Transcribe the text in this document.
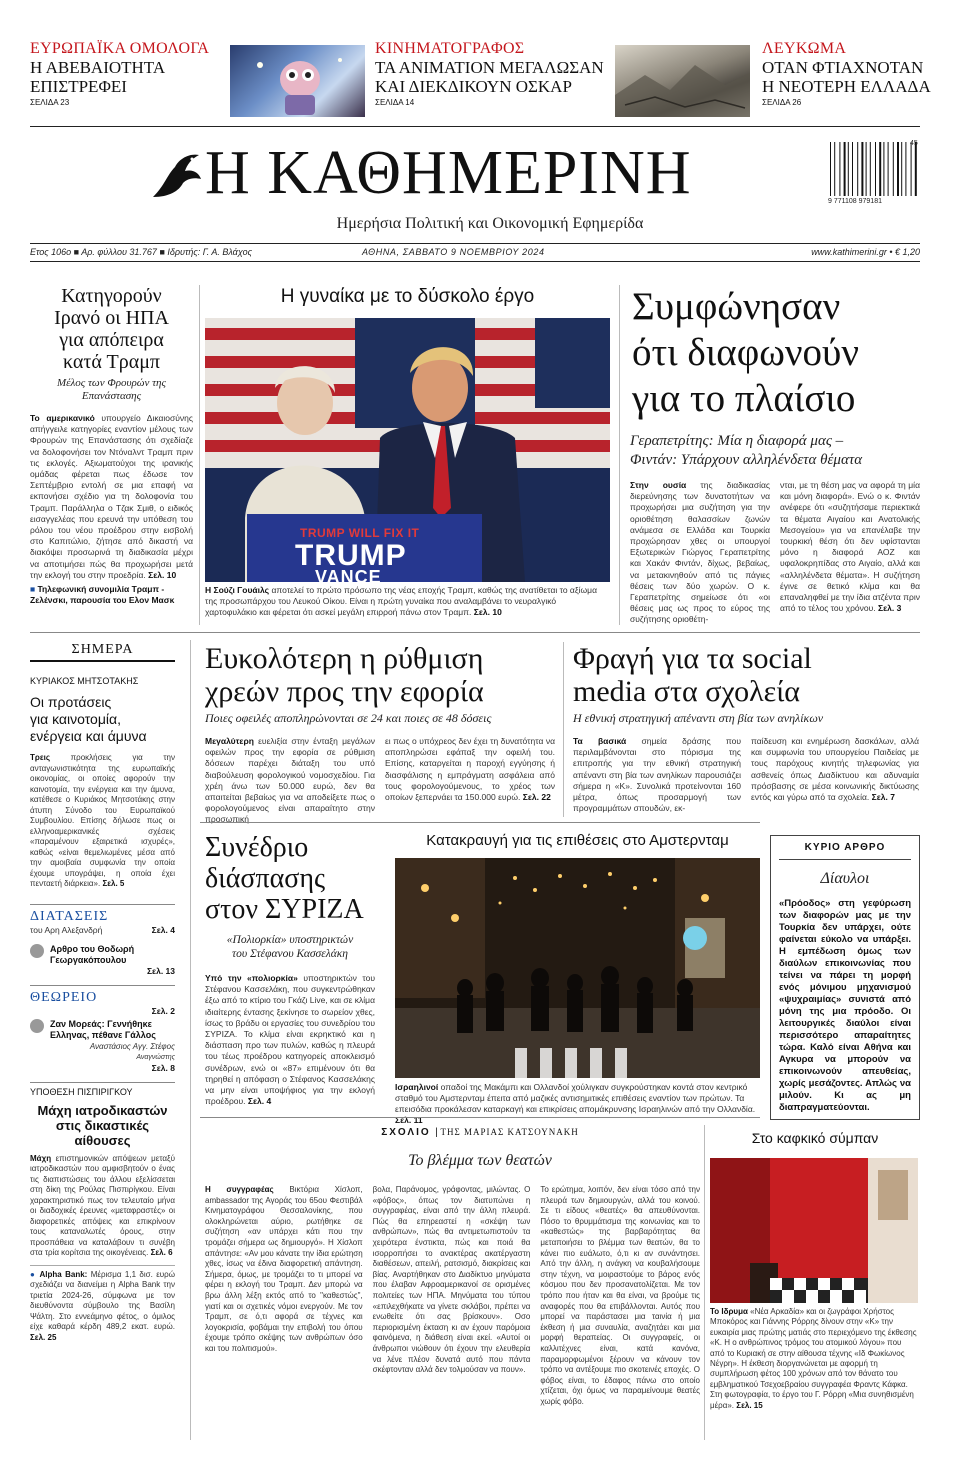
ΕΥΡΩΠΑΪΚΑ ΟΜΟΛΟΓΑ
Η ΑΒΕΒΑΙΟΤΗΤΑ
ΕΠΙΣΤΡΕΦΕΙ
ΣΕΛΙΔΑ 23
ΚΙΝΗΜΑΤΟΓΡΑΦΟΣ
ΤΑ ΑΝΙΜΑΤΙΟΝ ΜΕΓΑΛΩΣΑΝ
ΚΑΙ ΔΙΕΚΔΙΚΟΥΝ ΟΣΚΑΡ
ΣΕΛΙΔΑ 14
ΛΕΥΚΩΜΑ
ΟΤΑΝ ΦΤΙΑΧΝΟΤΑΝ
Η ΝΕΟΤΕΡΗ ΕΛΛΑΔΑ
ΣΕΛΙΔΑ 26
Η ΚΑΘΗΜΕΡΙΝΗ
Ημερήσια Πολιτική και Οικονομική Εφημερίδα
9 771108 979181
45
Ετος 106ο ■ Αρ. φύλλου 31.767 ■ Ιδρυτής: Γ. Α. Βλάχος	ΑΘΗΝΑ, ΣΑΒΒΑΤΟ 9 ΝΟΕΜΒΡΙΟΥ 2024	www.kathimerini.gr • € 1,20
Κατηγορούν
Ιρανό οι ΗΠΑ
για απόπειρα
κατά Τραμπ
Μέλος των Φρουρών της Επανάστασης
Το αμερικανικό υπουργείο Δικαιοσύνης απήγγειλε κατηγορίες εναντίον μέλους των Φρουρών της Επανάστασης ότι σχεδίαζε να δολοφονήσει τον Ντόναλντ Τραμπ πριν τις εκλογές. Αξιωματούχοι της ιρανικής ομάδας φέρεται πως έδωσε τον Σεπτέμβριο εντολή σε μια επαφή να εκπονήσει σχέδιο για τη δολοφονία του Τραμπ. Παράλληλα ο Τζακ Σμιθ, ο ειδικός εισαγγελέας που ερευνά την υπόθεση του ρόλου του νέου προέδρου στην εισβολή στο Καπιτώλιο, ζήτησε από δικαστή να διακόψει προσωρινά τη διαδικασία μέχρι να αποτιμήσει πώς θα προχωρήσει μετά την εκλογή του στην προεδρία. Σελ. 10
■ Τηλεφωνική συνομιλία Τραμπ - Ζελένσκι, παρουσία του Ελον Μασκ
Η γυναίκα με το δύσκολο έργο
TRUMP WILL FIX IT
TRUMP
VANCE
Η Σούζι Γουάιλς αποτελεί το πρώτο πρόσωπο της νέας εποχής Τραμπ, καθώς της ανατίθεται το αξίωμα της προσωπάρχου του Λευκού Οίκου. Είναι η πρώτη γυναίκα που αναλαμβάνει το νευραλγικό χαρτοφυλάκιο και φέρεται ότι ασκεί μεγάλη επιρροή πάνω στον Τραμπ. Σελ. 10
Συμφώνησαν
ότι διαφωνούν
για το πλαίσιο
Γεραπετρίτης: Μία η διαφορά μας –
Φιντάν: Υπάρχουν αλληλένδετα θέματα
Στην ουσία της διαδικασίας διερεύνησης των δυνατοτήτων να προχωρήσει μια συζήτηση για την οριοθέτηση θαλασσίων ζωνών ανάμεσα σε Ελλάδα και Τουρκία προχώρησαν χθες οι υπουργοί Εξωτερικών Γιώργος Γεραπετρίτης και Χακάν Φιντάν, δίχως, βεβαίως, να μετακινηθούν από τις πάγιες θέσεις των δύο χωρών. Ο κ. Γεραπετρίτης σημείωσε ότι «οι θέσεις μας ως προς το εύρος της συζήτησης οριοθέτη-
νται, με τη θέση μας να αφορά τη μία και μόνη διαφορά». Ενώ ο κ. Φιντάν ανέφερε ότι «συζητήσαμε περιεκτικά τα θέματα Αιγαίου και Ανατολικής Μεσογείου» για να επανέλαβε την τουρκική θέση ότι δεν υφίστανται μόνο η διαφορά ΑΟΖ και υφαλοκρηπίδας στο Αιγαίο, αλλά και «αλληλένδετα θέματα». Η συζήτηση έγινε σε θετικό κλίμα και θα επαναληφθεί με την ίδια ατζέντα πριν από το τέλος του χρόνου. Σελ. 3
ΣΗΜΕΡΑ
ΚΥΡΙΑΚΟΣ ΜΗΤΣΟΤΑΚΗΣ
Οι προτάσεις
για καινοτομία,
ενέργεια και άμυνα
Τρεις	προκλήσεις για την ανταγωνιστικότητα της ευρωπαϊκής οικονομίας, οι οποίες αφορούν την καινοτομία, την ενέργεια και την άμυνα, κατέθεσε ο Κυριάκος Μητσοτάκης στην άτυπη Σύνοδο του Ευρωπαϊκού Συμβουλίου. Επίσης δήλωσε πως οι ελληνοαμερικανικές σχέσεις «παραμένουν εξαιρετικά ισχυρές», καθώς «είναι θεμελιωμένες μέσα από την αμοιβαία συμφωνία την οποία έχουμε υπογράψει, η οποία έχει πενταετή διάρκεια». Σελ. 5
ΔΙΑΤΑΣΕΙΣ
του Αρη Αλεξανδρή	Σελ. 4
Αρθρο του Θοδωρή Γεωργακόπουλου
Σελ. 13
ΘΕΩΡΕΙΟ
Σελ. 2
Ζαν Μορεάς: Γεννήθηκε Ελληνας, πέθανε Γάλλος
Αναστάσιος Αγγ. Στέφος
Αναγνώστης
Σελ. 8
ΥΠΟΘΕΣΗ ΠΙΣΠΙΡΙΓΚΟΥ
Μάχη ιατροδικαστών
στις δικαστικές
αίθουσες
Μάχη επιστημονικών απόψεων μεταξύ ιατροδικαστών που αμφισβητούν ο ένας τις διαπιστώσεις του άλλου εξελίσσεται στη δίκη της Ρούλας Πισπιρίγκου. Είναι χαρακτηριστικό πως τον τελευταίο μήνα οι διαδοχικές έρευνες «μεταφραστές» οι διαφορετικές απόψεις και επικρίνουν τους καταναλωτές όρους, στην προσπάθεια να καταλάβουν τι συνέβη στα τρία κορίτσια της οικογένειας. Σελ. 6
● Alpha Bank: Μέρισμα 1,1 δισ. ευρώ σχεδιάζει να διανείμει η Alpha Bank την τριετία 2024-26, σύμφωνα με τον διευθύνοντα σύμβουλο της Βασίλη Ψάλτη. Στο εννεάμηνο φέτος, ο όμιλος είχε καθαρά κέρδη 489,2 εκατ. ευρώ. Σελ. 25
Ευκολότερη η ρύθμιση
χρεών προς την εφορία
Ποιες οφειλές αποπληρώνονται σε 24 και ποιες σε 48 δόσεις
Μεγαλύτερη ευελιξία στην ένταξη μεγάλων οφειλών προς την εφορία σε ρύθμιση δόσεων παρέχει διάταξη του υπό διαβούλευση φορολογικού νομοσχεδίου. Για χρέη άνω των 50.000 ευρώ, δεν θα απαιτείται βεβαίως για να αποδείξετε πως ο φορολογούμενος είναι απαραίτητο στην προσωπική
ει πως ο υπόχρεος δεν έχει τη δυνατότητα να αποπληρώσει εφάπαξ την οφειλή του. Επίσης, καταργείται η παροχή εγγύησης ή διασφάλισης η εμπράγματη ασφάλεια από τους φορολογούμενους, το χρέος των οποίων ξεπερνάει τα 150.000 ευρώ. Σελ. 22
Φραγή για τα social
media στα σχολεία
Η εθνική στρατηγική απέναντι στη βία των ανηλίκων
Τα βασικά σημεία δράσης που περιλαμβάνονται στο πόρισμα της επιτροπής για την εθνική στρατηγική απέναντι στη βία των ανηλίκων παρουσιάζει σήμερα η «Κ». Συνολικά προτείνονται 160 μέτρα, όπως προσαρμογή των προγραμμάτων σπουδών, εκ-
παίδευση και ενημέρωση δασκάλων, αλλά και συμφωνία του υπουργείου Παιδείας με τους παρόχους κινητής τηλεφωνίας για ασθενείς όπως Διαδίκτυου και αδυναμία πρόσβασης σε μέσα κοινωνικής δικτύωσης εντός και γύρω από τα σχολεία. Σελ. 7
Συνέδριο
διάσπασης
στον ΣΥΡΙΖΑ
«Πολιορκία» υποστηρικτών
του Στέφανου Κασσελάκη
Υπό την «πολιορκία» υποστηρικτών του Στέφανου Κασσελάκη, που συγκεντρώθηκαν έξω από το κτίριο του Γκάζι Live, και σε κλίμα ιδιαίτερης έντασης ξεκίνησε το σωρείον χθες, ίσως το βράδυ οι εργασίες του συνεδρίου του ΣΥΡΙΖΑ. Το κλίμα είναι εκρηκτικό και η διάσπαση προ των πυλών, καθώς η πλευρά του τέως προέδρου κατηγορείς αποκλεισμό συνέδρων, ενώ οι «87» επιμένουν ότι θα τηρηθεί η απόφαση ο Στέφανος Κασσελάκης να μην είναι υποψήφιος για την εκλογή προέδρου. Σελ. 4
Κατακραυγή για τις επιθέσεις στο Αμστερνταμ
Ισραηλινοί οπαδοί της Μακάμπι και Ολλανδοί χούλιγκαν συγκρούστηκαν κοντά στον κεντρικό σταθμό του Αμστερνταμ έπειτα από μαζικές αντισημιτικές επιθέσεις εναντίον των πρώτων. Τα επεισόδια προκάλεσαν καταρκαγή και επικρίσεις απομάκρυνσης Ισραηλινών από την Ολλανδία. Σελ. 11
ΚΥΡΙΟ ΑΡΘΡΟ
Δίαυλοι
«Πρόοδος» στη γεφύρωση των διαφορών μας με την Τουρκία δεν υπάρχει, ούτε φαίνεται εύκολο να υπάρξει. Η εμπέδωση όμως των διαύλων επικοινωνίας που τείνει να πάρει τη μορφή ενός μόνιμου μηχανισμού «ψυχραιμίας» συνιστά από μόνη της μια πρόοδο. Οι λειτουργικές διαύλοι είναι περισσότερο απαραίτητες τώρα. Καλό είναι Αθήνα και Αγκυρα να μπορούν να επικοινωνούν απευθείας, χωρίς μεσάζοντες. Απλώς να μιλούν. Κι ας μη διαπραγματεύονται.
ΣΧΟΛΙΟ | ΤΗΣ ΜΑΡΙΑΣ ΚΑΤΣΟΥΝΑΚΗ
Το βλέμμα των θεατών
Η συγγραφέας Βικτόρια Χίσλοπ, ambassador της Αγοράς του 65ου Φεστιβάλ Κινηματογράφου Θεσσαλονίκης, που ολοκληρώνεται αύριο, ρωτήθηκε σε συζήτηση «αν υπάρχει κάτι που την τρομάζει σήμερα ως δημιουργό». Η Χίσλοπ απάντησε: «Αν μου κάνατε την ίδια ερώτηση χθες, ίσως να έδινα διαφορετική απάντηση. Σήμερα, όμως, με τρομάζει το τι μπορεί να φέρει η εκλογή του Τραμπ. Δεν μπορώ να βρω άλλη λέξη εκτός από το "καθεστώς", γιατί και οι σχετικές νόμοι ενεργούν. Με τον Τραμπ, σε ό,τι αφορά σε τέχνες και λογοκρισία, φοβάμαι την επιβολή του όπου έχουμε τρόπο σκέψης των ανθρώπων όσο και του πολιτισμού».
βολα, Παράνομος, γράφοντας, μιλώντας. Ο «φόβος», όπως τον διατυπώνει η συγγραφέας, είναι από την άλλη πλευρά. Πώς θα επηρεαστεί η «σκέψη των ανθρώπων», πώς θα αντιμετωπιστούν τα χειρότερα ένστικτα, πώς και ποιά θα ισορροπήσει το ανακτέρας ακατέργαστη διαθέσεων, απειλή, ρατσισμό, διακρίσεις και βίας. Αναρτήθηκαν στο Διαδίκτυο μηνύματα που έλαβαν Αφροαμερικανοί σε ορισμένες πολιτείες των ΗΠΑ. Μηνύματα του τύπου «επιλεχθήκατε να γίνετε σκλάβοι, πρέπει να ενωθείτε ότι σας βρίσκουν». Οσο περιορισμένη έκταση κι αν έχουν παρόμοια φαινόμενα, η διάθεση είναι εκεί. «Αυτοί οι άνθρωποι νιώθουν ότι έχουν την ελευθερία να λένε πλέον δυνατά αυτό που πάντα σκέφτονταν αλλά δεν τολμούσαν να πουν».
Το ερώτημα, λοιπόν, δεν είναι τόσο από την πλευρά των δημιουργών, αλλά του κοινού. Σε τι είδους «θεατές» θα απευθύνονται. Πόσο το θρυμμάτισμα της κοινωνίας και το «καθεστώς» της βαρβαρότητας θα μεταποιήσει το βλέμμα των θεατών, θα το κάνει πιο ευάλωτο, ό,τι κι αν συνάντησει. Από την άλλη, η ανάγκη να κουβαλήσουμε στην τέχνη, να μοιραστούμε το βάρος ενός κόσμου που δεν προσανατολίζεται. Με τον τρόπο που ήταν και θα είναι, να βρούμε τις αναφορές που θα επιβάλλονται. Αυτός που μπορεί να παράστασει μια ταινία ή μια έκθεση ή μια συναυλία, αναζητάει και μια μορφή θεραπείας. Οι συγγραφείς, οι καλλιτέχνες είναι, κατά κανόνα, παραμορφωμένοι ξέρουν να κάνουν τον τρόπο να αντέξουμε πιο σκοτεινές εποχές. Ο φόβος είναι, το έδαφος πάνω στο οποίο χτίζεται, όχι όμως να παραμείνουμε θεατές χωρίς φόβο.
αν το σημείο που κάνει τη διαφορά.
Στο καφκικό σύμπαν
Το Ιδρυμα «Νέα Αρκαδία» και οι ζωγράφοι Χρήστος Μποκόρος και Γιάννης Ρόρρης δίνουν στην «Κ» την ευκαιρία μιας πρώτης ματιάς στο περιεχόμενο της έκθεσης «Κ. Η ο ανθρώπινος τρόμος του ατομικού λόγου» που από το Κυριακή σε στην αίθουσα τέχνης «Ιδ Φωκίωνος Νέγρη». Η έκθεση διοργανώνεται με αφορμή τη συμπλήρωση φέτος 100 χρόνων από τον θάνατο του εμβληματικού Τσεχοεβραίου συγγραφέα Φραντς Κάφκα. Στη φωτογραφία, το έργο του Γ. Ρόρρη «Μια συνηθισμένη μέρα». Σελ. 15
